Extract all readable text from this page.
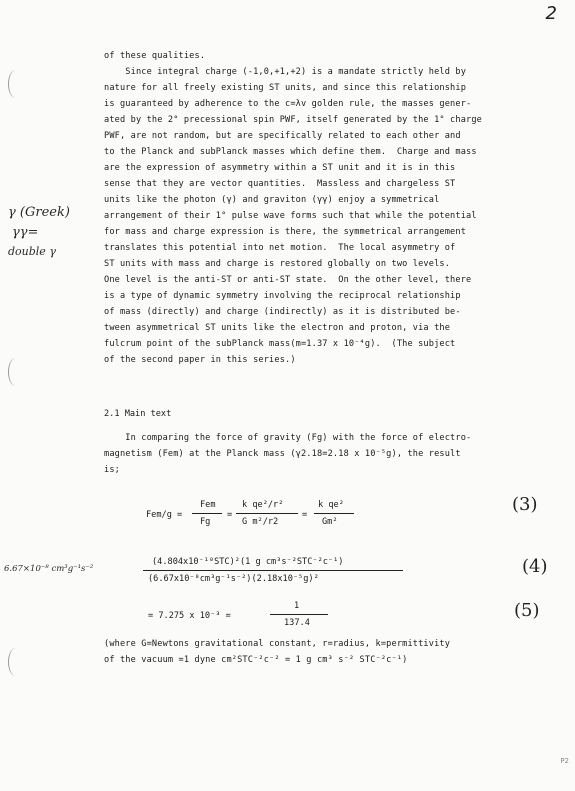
2
γ (Greek)
γγ=
double γ
6.67×10⁻⁸ cm³g⁻¹s⁻²

of these qualities.

Since integral charge (-1,0,+1,+2) is a mandate strictly held by

nature for all freely existing ST units, and since this relationship

is guaranteed by adherence to the c=λv golden rule, the masses gener-

ated by the 2° precessional spin PWF, itself generated by the 1° charge

PWF, are not random, but are specifically related to each other and

to the Planck and subPlanck masses which define them.  Charge and mass

are the expression of asymmetry within a ST unit and it is in this

sense that they are vector quantities.  Massless and chargeless ST

units like the photon (γ) and graviton (γγ) enjoy a symmetrical

arrangement of their 1° pulse wave forms such that while the potential

for mass and charge expression is there, the symmetrical arrangement

translates this potential into net motion.  The local asymmetry of

ST units with mass and charge is restored globally on two levels.

One level is the anti-ST or anti-ST state.  On the other level, there

is a type of dynamic symmetry involving the reciprocal relationship

of mass (directly) and charge (indirectly) as it is distributed be-

tween asymmetrical ST units like the electron and proton, via the

fulcrum point of the subPlanck mass(m=1.37 x 10⁻⁴g).  (The subject

of the second paper in this series.)

2.1 Main text

In comparing the force of gravity (Fg) with the force of electro-

magnetism (Fem) at the Planck mass (γ2.18=2.18 x 10⁻⁵g), the result

is;

Fem/g =
Fem
Fg
=
k qe²/r²
G m²/r2
=
k qe²
Gm²
(3)
(4.804x10⁻¹⁰STC)²(1 g cm³s⁻²STC⁻²c⁻¹)
(6.67x10⁻⁸cm³g⁻¹s⁻²)(2.18x10⁻⁵g)²
(4)
= 7.275 x 10⁻³ =
1
137.4
(5)

(where G=Newtons gravitational constant, r=radius, k=permittivity

of the vacuum =1 dyne cm²STC⁻²c⁻² = 1 g cm³ s⁻² STC⁻²c⁻¹)

P2
